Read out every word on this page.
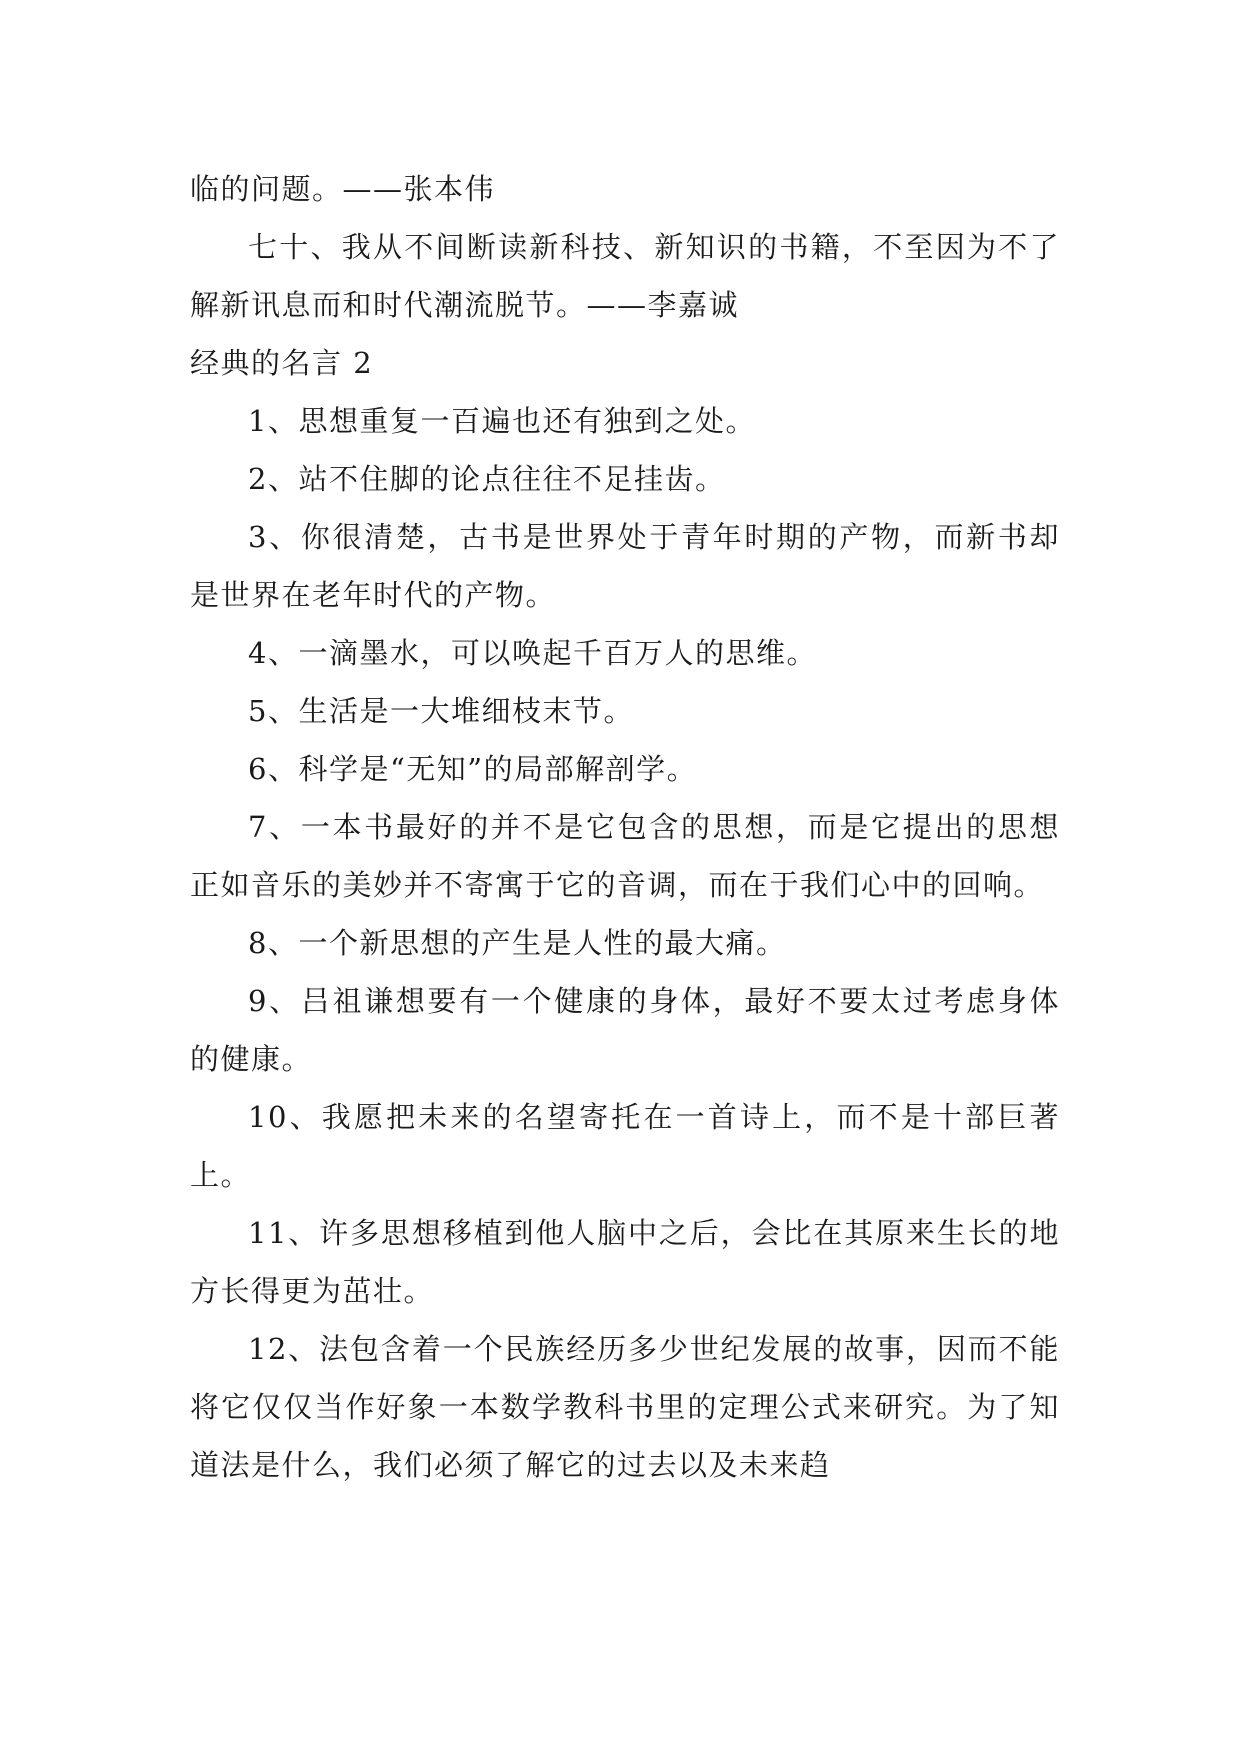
临的问题。——张本伟

七十、我从不间断读新科技、新知识的书籍，不至因为不了解新讯息而和时代潮流脱节。——李嘉诚

经典的名言 2

1、思想重复一百遍也还有独到之处。

2、站不住脚的论点往往不足挂齿。

3、你很清楚，古书是世界处于青年时期的产物，而新书却是世界在老年时代的产物。

4、一滴墨水，可以唤起千百万人的思维。

5、生活是一大堆细枝末节。

6、科学是“无知”的局部解剖学。

7、一本书最好的并不是它包含的思想，而是它提出的思想正如音乐的美妙并不寄寓于它的音调，而在于我们心中的回响。

8、一个新思想的产生是人性的最大痛。

9、吕祖谦想要有一个健康的身体，最好不要太过考虑身体的健康。

10、我愿把未来的名望寄托在一首诗上，而不是十部巨著上。

11、许多思想移植到他人脑中之后，会比在其原来生长的地方长得更为茁壮。

12、法包含着一个民族经历多少世纪发展的故事，因而不能将它仅仅当作好象一本数学教科书里的定理公式来研究。为了知道法是什么，我们必须了解它的过去以及未来趋
